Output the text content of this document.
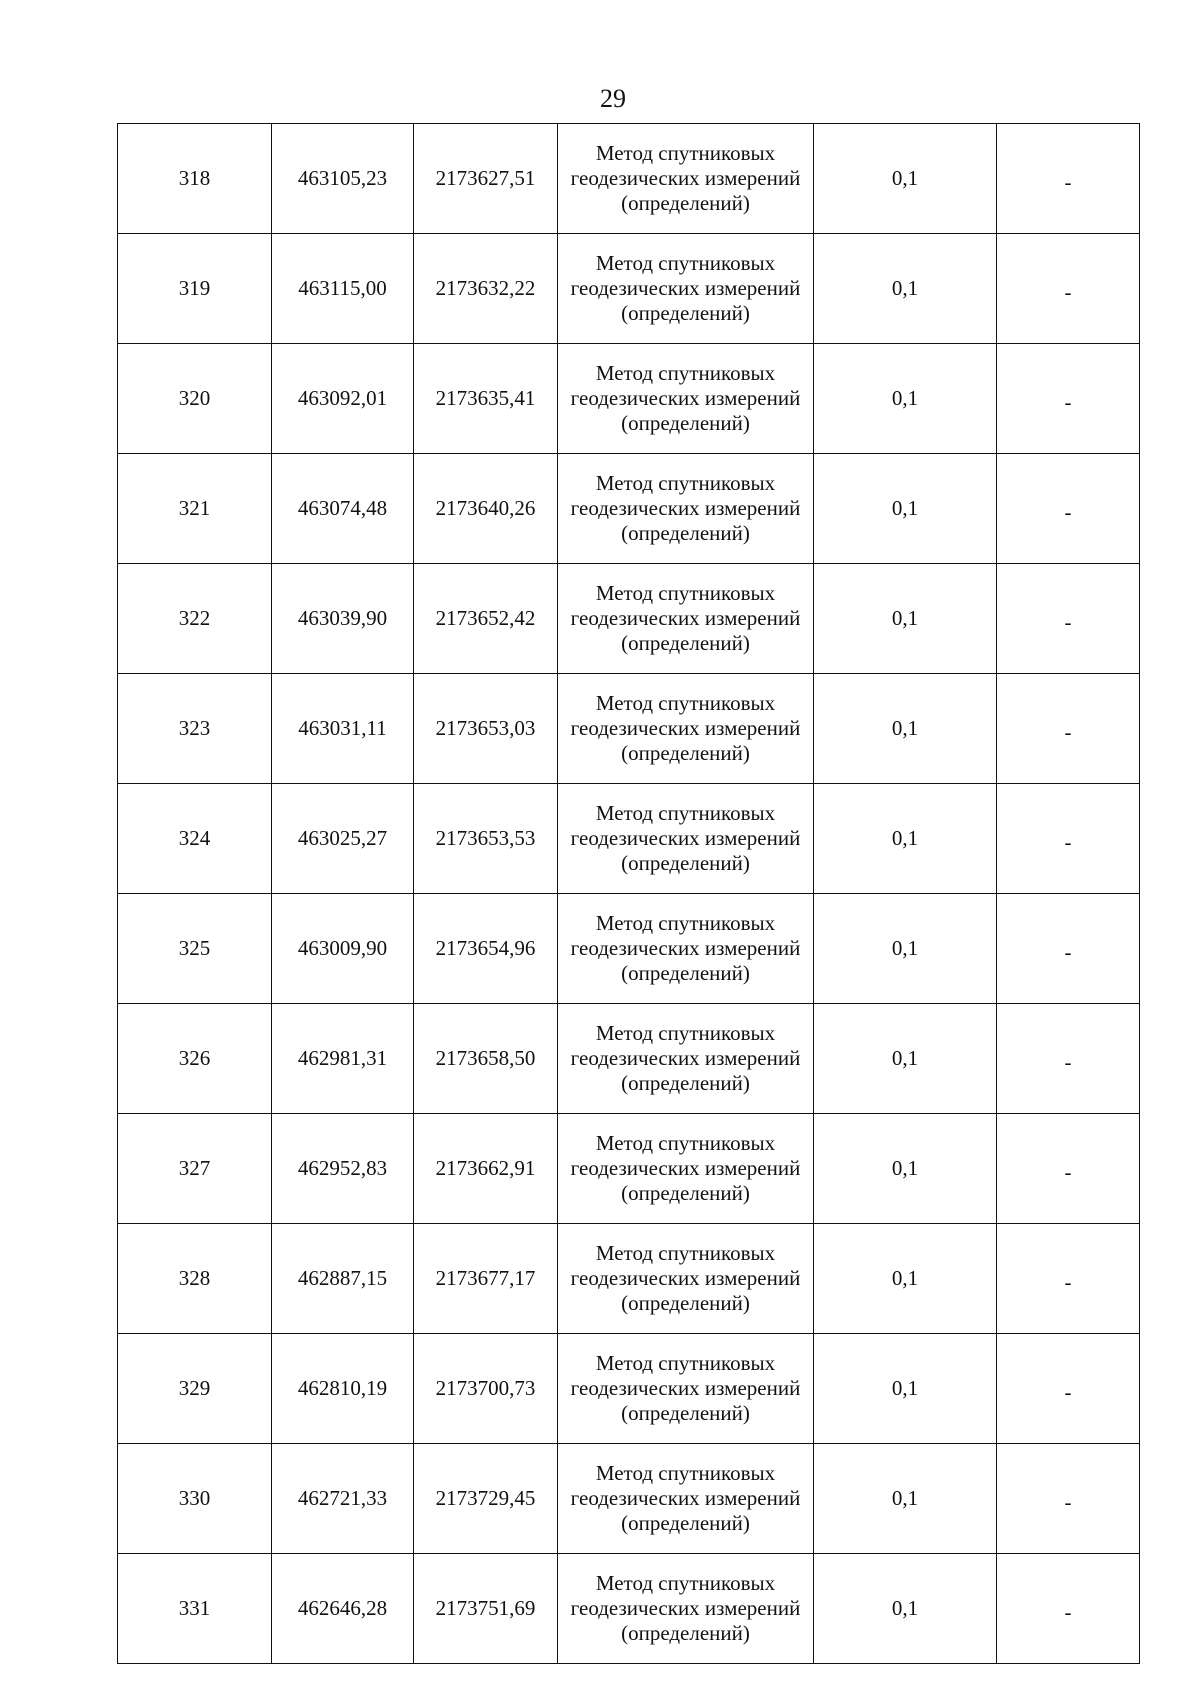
29
318	463105,23	2173627,51	Метод спутниковых
геодезических измерений
(определений)	0,1	-
319	463115,00	2173632,22	Метод спутниковых
геодезических измерений
(определений)	0,1	-
320	463092,01	2173635,41	Метод спутниковых
геодезических измерений
(определений)	0,1	-
321	463074,48	2173640,26	Метод спутниковых
геодезических измерений
(определений)	0,1	-
322	463039,90	2173652,42	Метод спутниковых
геодезических измерений
(определений)	0,1	-
323	463031,11	2173653,03	Метод спутниковых
геодезических измерений
(определений)	0,1	-
324	463025,27	2173653,53	Метод спутниковых
геодезических измерений
(определений)	0,1	-
325	463009,90	2173654,96	Метод спутниковых
геодезических измерений
(определений)	0,1	-
326	462981,31	2173658,50	Метод спутниковых
геодезических измерений
(определений)	0,1	-
327	462952,83	2173662,91	Метод спутниковых
геодезических измерений
(определений)	0,1	-
328	462887,15	2173677,17	Метод спутниковых
геодезических измерений
(определений)	0,1	-
329	462810,19	2173700,73	Метод спутниковых
геодезических измерений
(определений)	0,1	-
330	462721,33	2173729,45	Метод спутниковых
геодезических измерений
(определений)	0,1	-
331	462646,28	2173751,69	Метод спутниковых
геодезических измерений
(определений)	0,1	-
